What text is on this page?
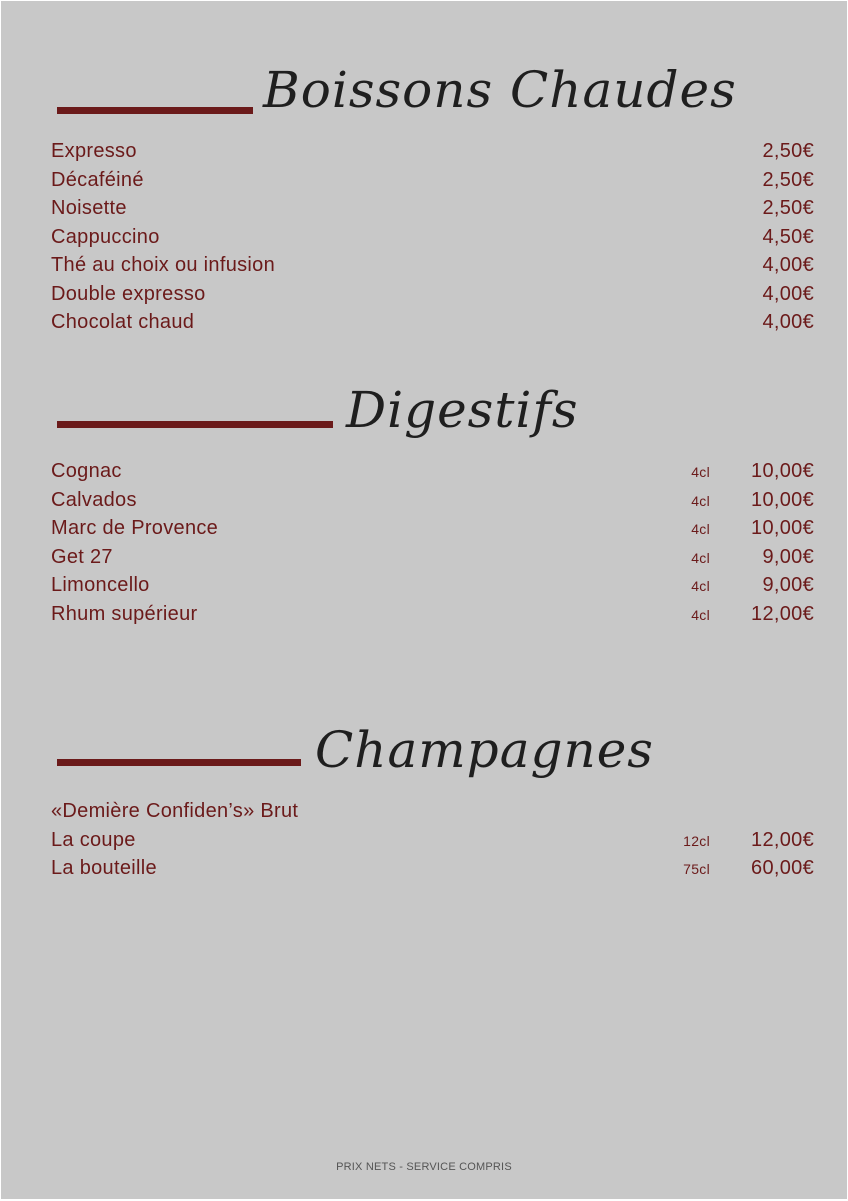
Boissons Chaudes
Expresso	2,50€
Décaféiné	2,50€
Noisette	2,50€
Cappuccino	4,50€
Thé au choix ou infusion	4,00€
Double expresso	4,00€
Chocolat chaud	4,00€
Digestifs
Cognac	4cl 10,00€
Calvados	4cl 10,00€
Marc de Provence	4cl 10,00€
Get 27	4cl	9,00€
Limoncello	4cl	9,00€
Rhum supérieur	4cl 12,00€
Champagnes
«Demière Confiden’s» Brut
La coupe	12cl 12,00€
La bouteille	75cl 60,00€
PRIX NETS - SERVICE COMPRIS
